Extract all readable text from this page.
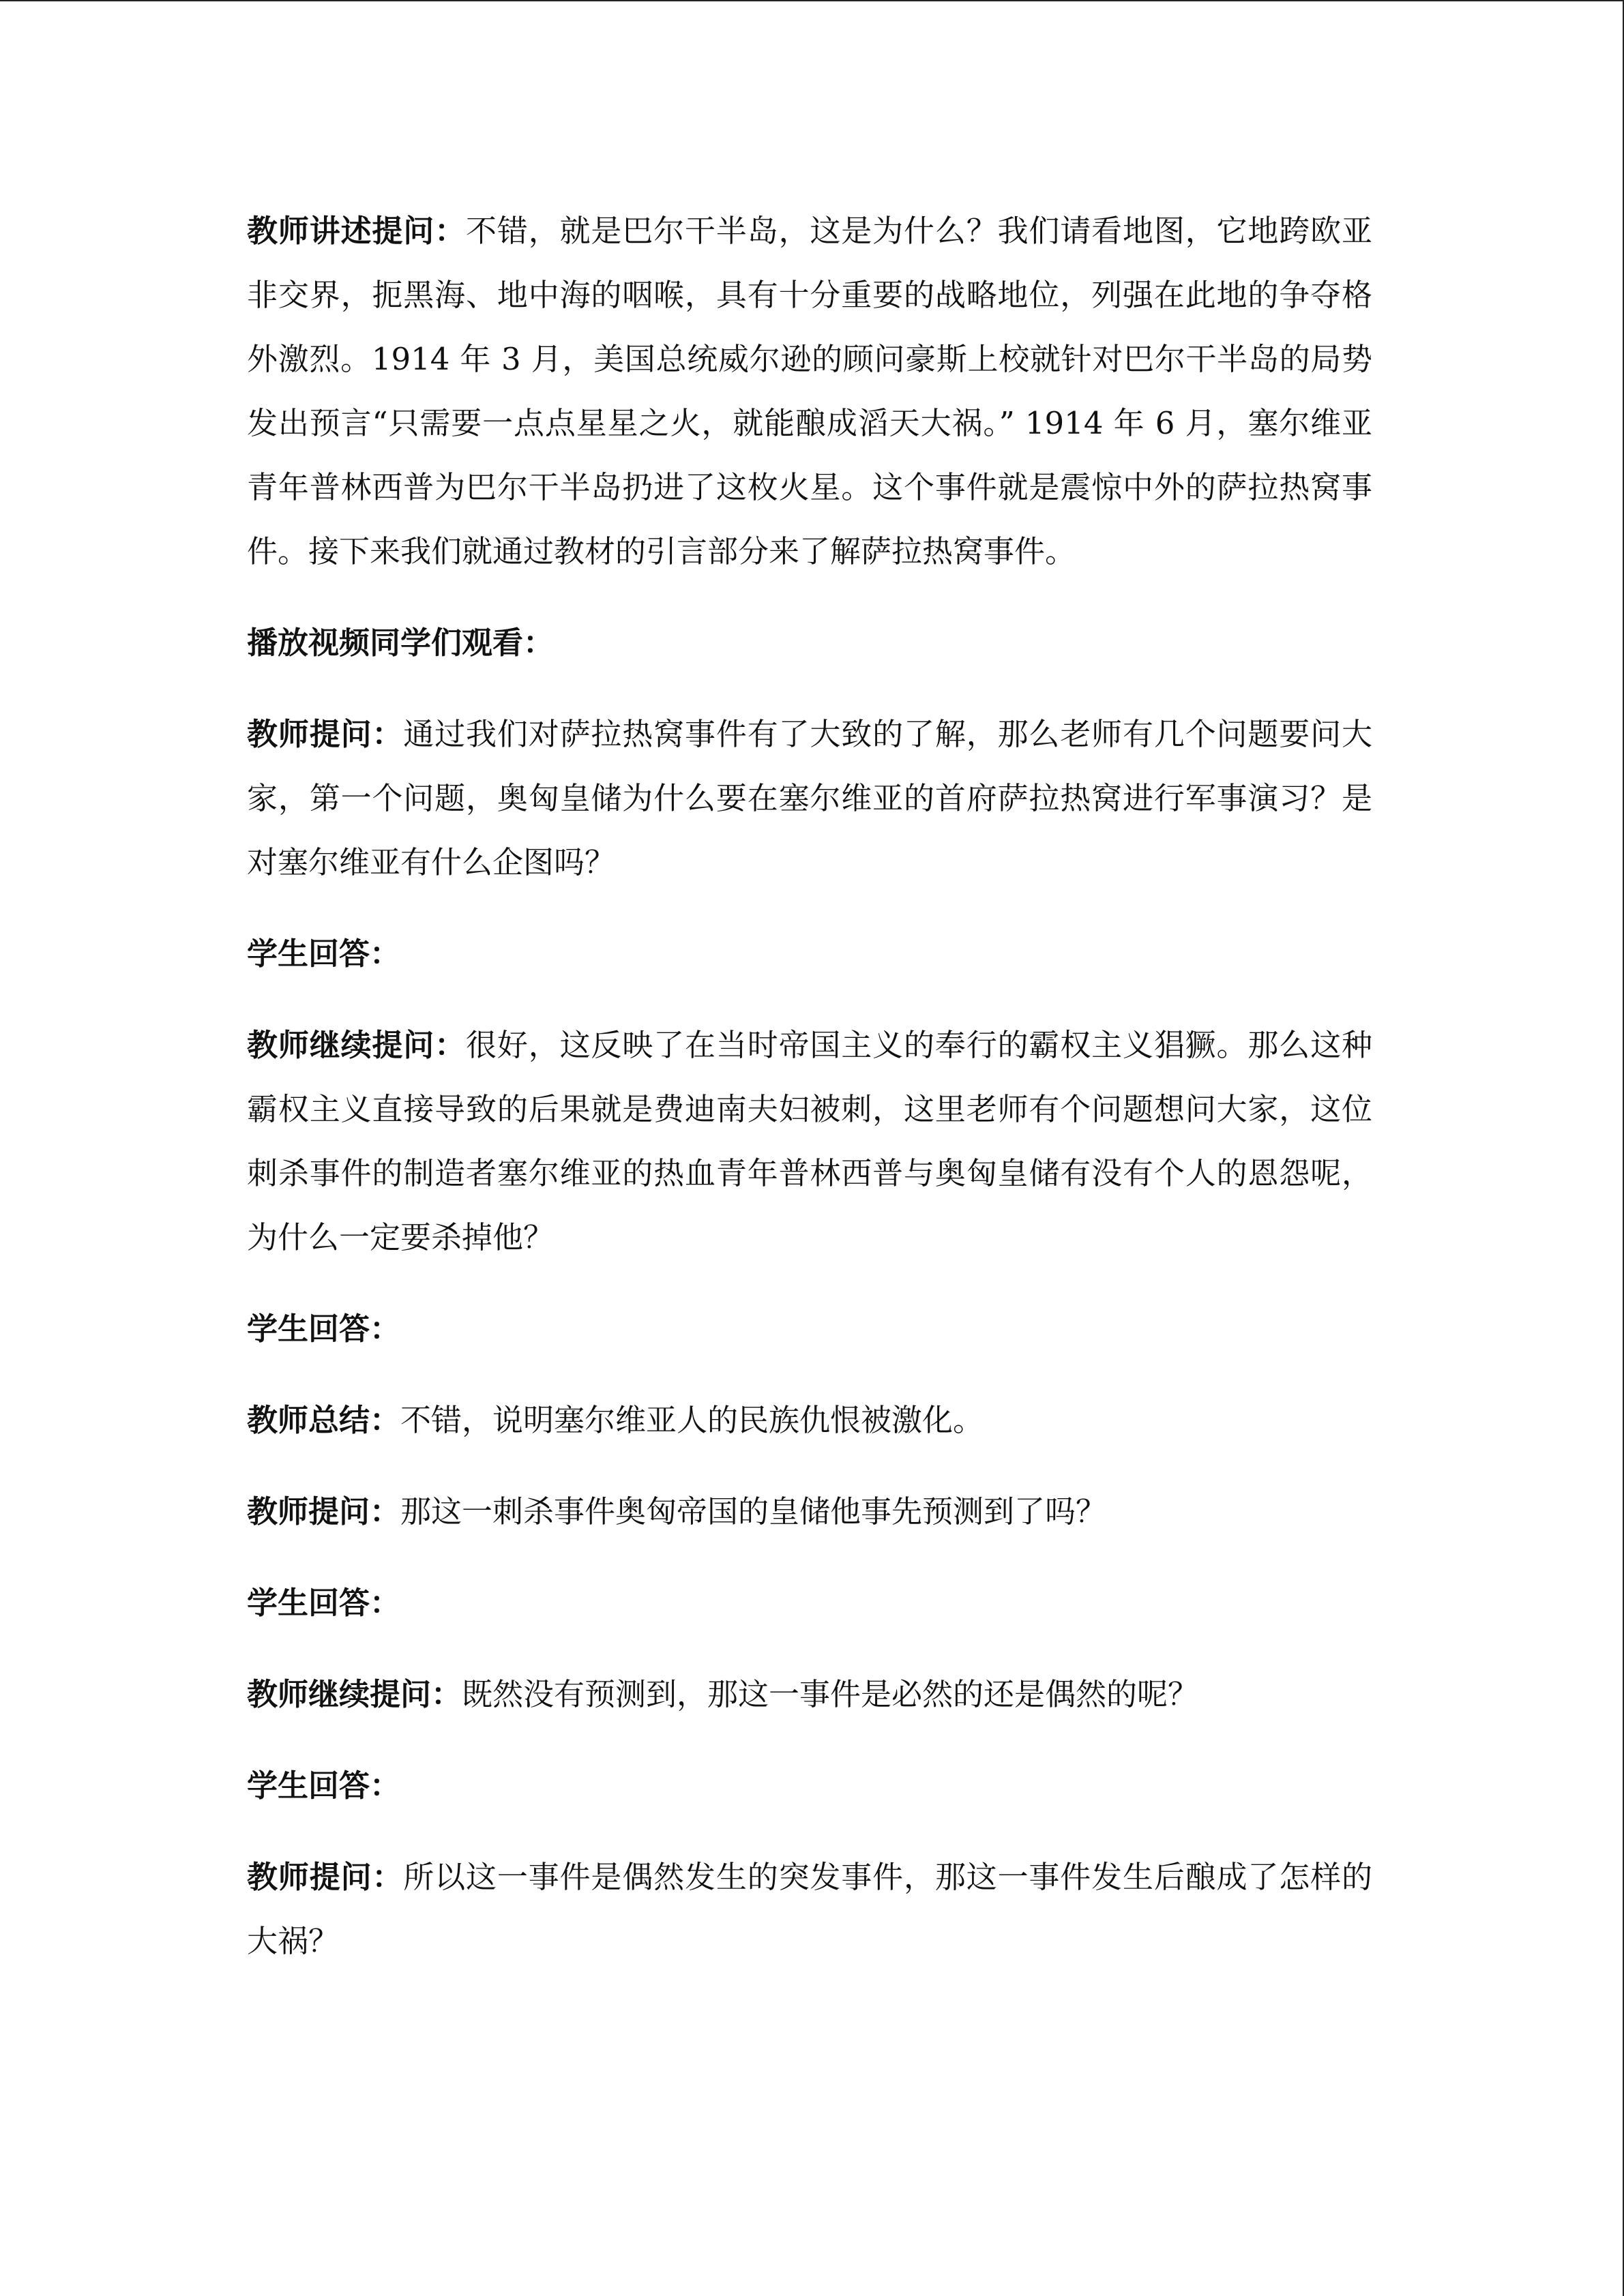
教师讲述提问：不错，就是巴尔干半岛，这是为什么？我们请看地图，它地跨欧亚非交界，扼黑海、地中海的咽喉，具有十分重要的战略地位，列强在此地的争夺格外激烈。1914 年 3 月，美国总统威尔逊的顾问豪斯上校就针对巴尔干半岛的局势发出预言“只需要一点点星星之火，就能酿成滔天大祸。” 1914 年 6 月，塞尔维亚青年普林西普为巴尔干半岛扔进了这枚火星。这个事件就是震惊中外的萨拉热窝事件。接下来我们就通过教材的引言部分来了解萨拉热窝事件。

播放视频同学们观看：

教师提问：通过我们对萨拉热窝事件有了大致的了解，那么老师有几个问题要问大家，第一个问题，奥匈皇储为什么要在塞尔维亚的首府萨拉热窝进行军事演习？是对塞尔维亚有什么企图吗？

学生回答：

教师继续提问：很好，这反映了在当时帝国主义的奉行的霸权主义猖獗。那么这种霸权主义直接导致的后果就是费迪南夫妇被刺，这里老师有个问题想问大家，这位刺杀事件的制造者塞尔维亚的热血青年普林西普与奥匈皇储有没有个人的恩怨呢，为什么一定要杀掉他？

学生回答：

教师总结：不错，说明塞尔维亚人的民族仇恨被激化。

教师提问：那这一刺杀事件奥匈帝国的皇储他事先预测到了吗？

学生回答：

教师继续提问：既然没有预测到，那这一事件是必然的还是偶然的呢？

学生回答：

教师提问：所以这一事件是偶然发生的突发事件，那这一事件发生后酿成了怎样的大祸？
